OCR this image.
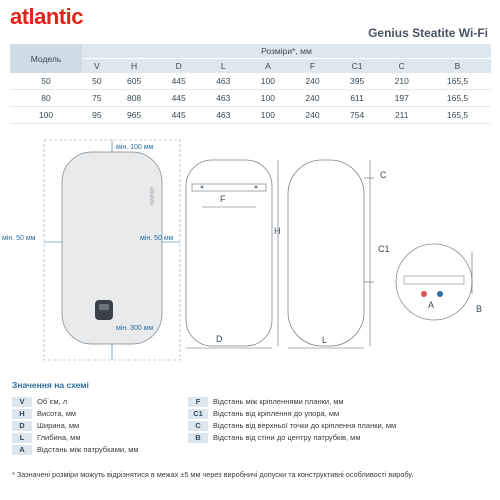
atlantic
Genius Steatite Wi-Fi
Модель	Розміри*, мм								
	V	H	D	L	A	F	C1	C	B
50	50	605	445	463	100	240	395	210	165,5
80	75	808	445	463	100	240	611	197	165,5
100	95	965	445	463	100	240	754	211	165,5
atlantic
мін. 100 мм
мін. 50 мм	мін. 50 мм
мін. 300 мм
F
H
D
C
C1
L
A	B
Значення на схемі
V	Об´єм, л
H	Висота, мм
D	Ширина, мм
L	Глибина, мм
A	Відстань між патрубками, мм
F	Відстань між кріпленнями планки, мм
C1	Відстань від кріплення до упора, мм
C	Відстань від верхньої точки до кріплення планки, мм
B	Відстань від стіни до центру патрубків, мм
* Зазначені розміри можуть відрізнятися в межах ±5 мм через виробничі допуски та конструктивні особливості виробу.
